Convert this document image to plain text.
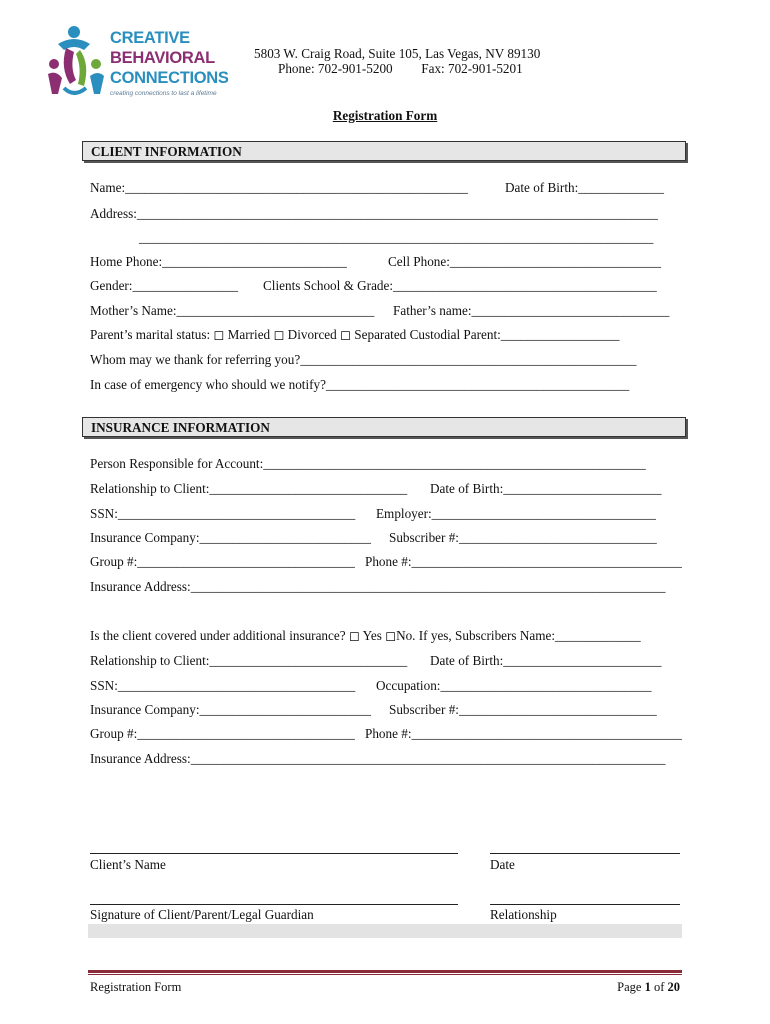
CREATIVE
BEHAVIORAL
CONNECTIONS
creating connections to last a lifetime
5803 W. Craig Road, Suite 105, Las Vegas, NV 89130
Phone: 702-901-5200 Fax: 702-901-5201
Registration Form
CLIENT INFORMATION
Name:____________________________________________________	Date of Birth:_____________
Address:_______________________________________________________________________________
______________________________________________________________________________
Home Phone:____________________________	Cell Phone:________________________________
Gender:________________ Clients School & Grade:________________________________________
Mother’s Name:______________________________ Father’s name:______________________________
Parent’s marital status: ◻ Married ◻ Divorced ◻ Separated Custodial Parent:__________________
Whom may we thank for referring you?___________________________________________________
In case of emergency who should we notify?______________________________________________
INSURANCE INFORMATION
Person Responsible for Account:__________________________________________________________
Relationship to Client:______________________________ Date of Birth:________________________
SSN:____________________________________ Employer:__________________________________
Insurance Company:__________________________ Subscriber #:______________________________
Group #:_________________________________ Phone #:_________________________________________
Insurance Address:________________________________________________________________________
Is the client covered under additional insurance? ◻ Yes ◻No. If yes, Subscribers Name:_____________
Relationship to Client:______________________________ Date of Birth:________________________
SSN:____________________________________ Occupation:________________________________
Insurance Company:__________________________ Subscriber #:______________________________
Group #:_________________________________ Phone #:_________________________________________
Insurance Address:________________________________________________________________________
Client’s Name	Date
Signature of Client/Parent/Legal Guardian	Relationship
Registration Form	Page 1 of 20
